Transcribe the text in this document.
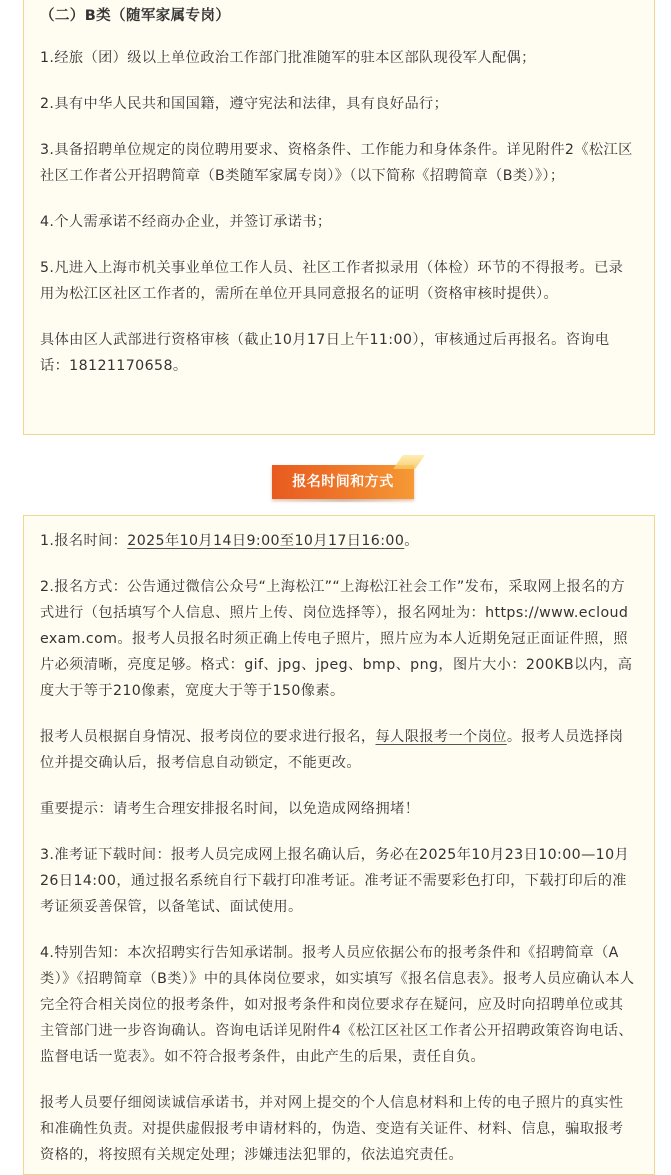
（二）B类（随军家属专岗）

1.经旅（团）级以上单位政治工作部门批准随军的驻本区部队现役军人配偶；

2.具有中华人民共和国国籍，遵守宪法和法律，具有良好品行；

3.具备招聘单位规定的岗位聘用要求、资格条件、工作能力和身体条件。详见附件2《松江区社区工作者公开招聘简章（B类随军家属专岗）》（以下简称《招聘简章（B类）》）；

4.个人需承诺不经商办企业，并签订承诺书；

5.凡进入上海市机关事业单位工作人员、社区工作者拟录用（体检）环节的不得报考。已录用为松江区社区工作者的，需所在单位开具同意报名的证明（资格审核时提供）。

具体由区人武部进行资格审核（截止10月17日上午11:00），审核通过后再报名。咨询电话：18121170658。

报名时间和方式

1.报名时间：2025年10月14日9:00至10月17日16:00。

2.报名方式：公告通过微信公众号“上海松江”“上海松江社会工作”发布，采取网上报名的方式进行（包括填写个人信息、照片上传、岗位选择等），报名网址为：https://www.ecloudexam.com。报考人员报名时须正确上传电子照片，照片应为本人近期免冠正面证件照，照片必须清晰，亮度足够。格式：gif、jpg、jpeg、bmp、png，图片大小：200KB以内，高度大于等于210像素，宽度大于等于150像素。

报考人员根据自身情况、报考岗位的要求进行报名，每人限报考一个岗位。报考人员选择岗位并提交确认后，报考信息自动锁定，不能更改。

重要提示：请考生合理安排报名时间，以免造成网络拥堵！

3.准考证下载时间：报考人员完成网上报名确认后，务必在2025年10月23日10:00—10月26日14:00，通过报名系统自行下载打印准考证。准考证不需要彩色打印，下载打印后的准考证须妥善保管，以备笔试、面试使用。

4.特别告知：本次招聘实行告知承诺制。报考人员应依据公布的报考条件和《招聘简章（A类）》《招聘简章（B类）》中的具体岗位要求，如实填写《报名信息表》。报考人员应确认本人完全符合相关岗位的报考条件，如对报考条件和岗位要求存在疑问，应及时向招聘单位或其主管部门进一步咨询确认。咨询电话详见附件4《松江区社区工作者公开招聘政策咨询电话、监督电话一览表》。如不符合报考条件，由此产生的后果，责任自负。

报考人员要仔细阅读诚信承诺书，并对网上提交的个人信息材料和上传的电子照片的真实性和准确性负责。对提供虚假报考申请材料的，伪造、变造有关证件、材料、信息，骗取报考资格的，将按照有关规定处理；涉嫌违法犯罪的，依法追究责任。
